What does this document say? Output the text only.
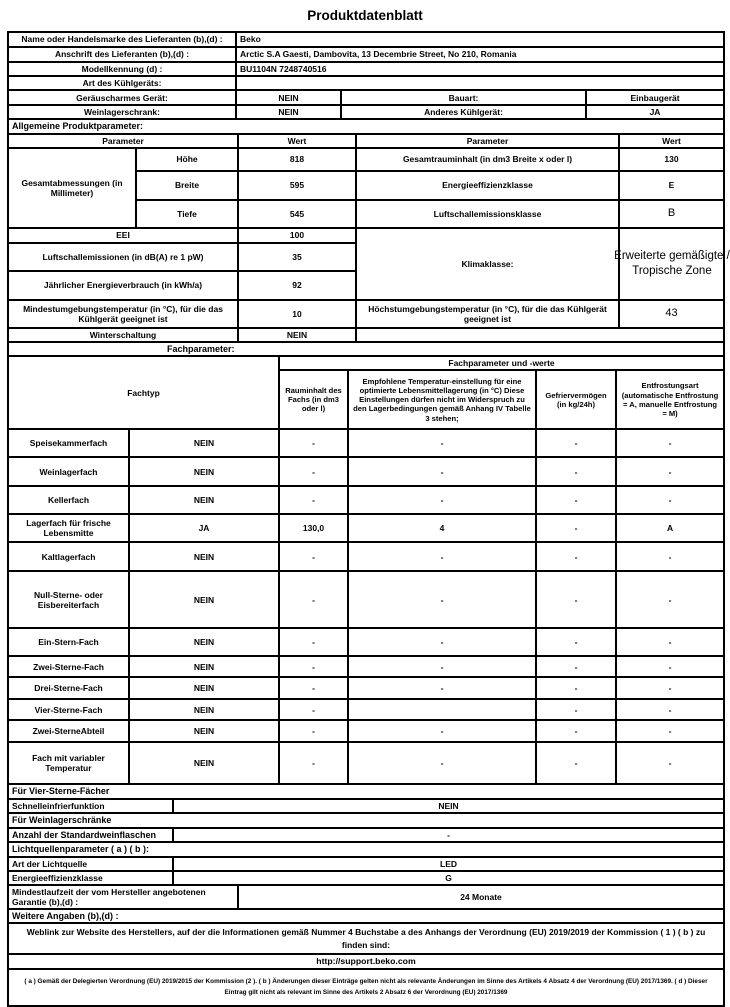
Produktdatenblatt
Name oder Handelsmarke des Lieferanten (b),(d) :	Beko		
Anschrift des Lieferanten (b),(d) :	Arctic S.A Gaesti, Dambovita, 13 Decembrie Street, No 210, Romania		
Modellkennung (d) :	BU1104N 7248740516		
Art des Kühlgeräts:			
Geräuscharmes Gerät:	NEIN	Bauart:	Einbaugerät
Weinlagerschrank:	NEIN	Anderes Kühlgerät:	JA
Allgemeine Produktparameter:			
Parameter		Wert	Parameter	Wert
Gesamtabmessungen (in Millimeter)	Höhe	818	Gesamtrauminhalt (in dm3 Breite x oder l)	130
	Breite	595	Energieeffizienzklasse	E
	Tiefe	545	Luftschallemissionsklasse	B
EEI		100	Klimaklasse:	Erweiterte gemäßigte / Tropische Zone
Luftschallemissionen (in dB(A) re 1 pW)		35		
Jährlicher Energieverbrauch (in kWh/a)		92		
Mindestumgebungstemperatur (in °C), für die das Kühlgerät geeignet ist		10	Höchstumgebungstemperatur (in °C), für die das Kühlgerät geeignet ist	43
Winterschaltung		NEIN		
Fachparameter:				
Fachtyp		Fachparameter und -werte			
		Rauminhalt des Fachs (in dm3 oder l)	Empfohlene Temperatur-einstellung für eine optimierte Lebensmittellagerung (in °C) Diese Einstellungen dürfen nicht im Widerspruch zu den Lagerbedingungen gemäß Anhang IV Tabelle 3 stehen;	Gefriervermögen (in kg/24h)	Entfrostungsart (automatische Entfrostung = A, manuelle Entfrostung = M)
Speisekammerfach	NEIN	-	-	-	-
Weinlagerfach	NEIN	-	-	-	-
Kellerfach	NEIN	-	-	-	-
Lagerfach für frische Lebensmitte	JA	130,0	4	-	A
Kaltlagerfach	NEIN	-	-	-	-
Null-Sterne- oder Eisbereiterfach	NEIN	-	-	-	-
Ein-Stern-Fach	NEIN	-	-	-	-
Zwei-Sterne-Fach	NEIN	-	-	-	-
Drei-Sterne-Fach	NEIN	-	-	-	-
Vier-Sterne-Fach	NEIN	-		-	-
Zwei-SterneAbteil	NEIN	-	-	-	-
Fach mit variabler Temperatur	NEIN	-	-	-	-
Für Vier-Sterne-Fächer	
Schnelleinfrierfunktion	NEIN
Für Weinlagerschränke	
Anzahl der Standardweinflaschen	-
Lichtquellenparameter ( a ) ( b ):	
Art der Lichtquelle	LED
Energieeffizienzklasse	G
Mindestlaufzeit der vom Hersteller angebotenen Garantie (b),(d) :	24 Monate
Weitere Angaben (b),(d) :
Weblink zur Website des Herstellers, auf der die Informationen gemäß Nummer 4 Buchstabe a des Anhangs der Verordnung (EU) 2019/2019 der Kommission ( 1 ) ( b ) zu finden sind:
http://support.beko.com
( a ) Gemäß der Delegierten Verordnung (EU) 2019/2015 der Kommission (2 ). ( b ) Änderungen dieser Einträge gelten nicht als relevante Änderungen im Sinne des Artikels 4 Absatz 4 der Verordnung (EU) 2017/1369. ( d ) Dieser Eintrag gilt nicht als relevant im Sinne des Artikels 2 Absatz 6 der Verordnung (EU) 2017/1369
